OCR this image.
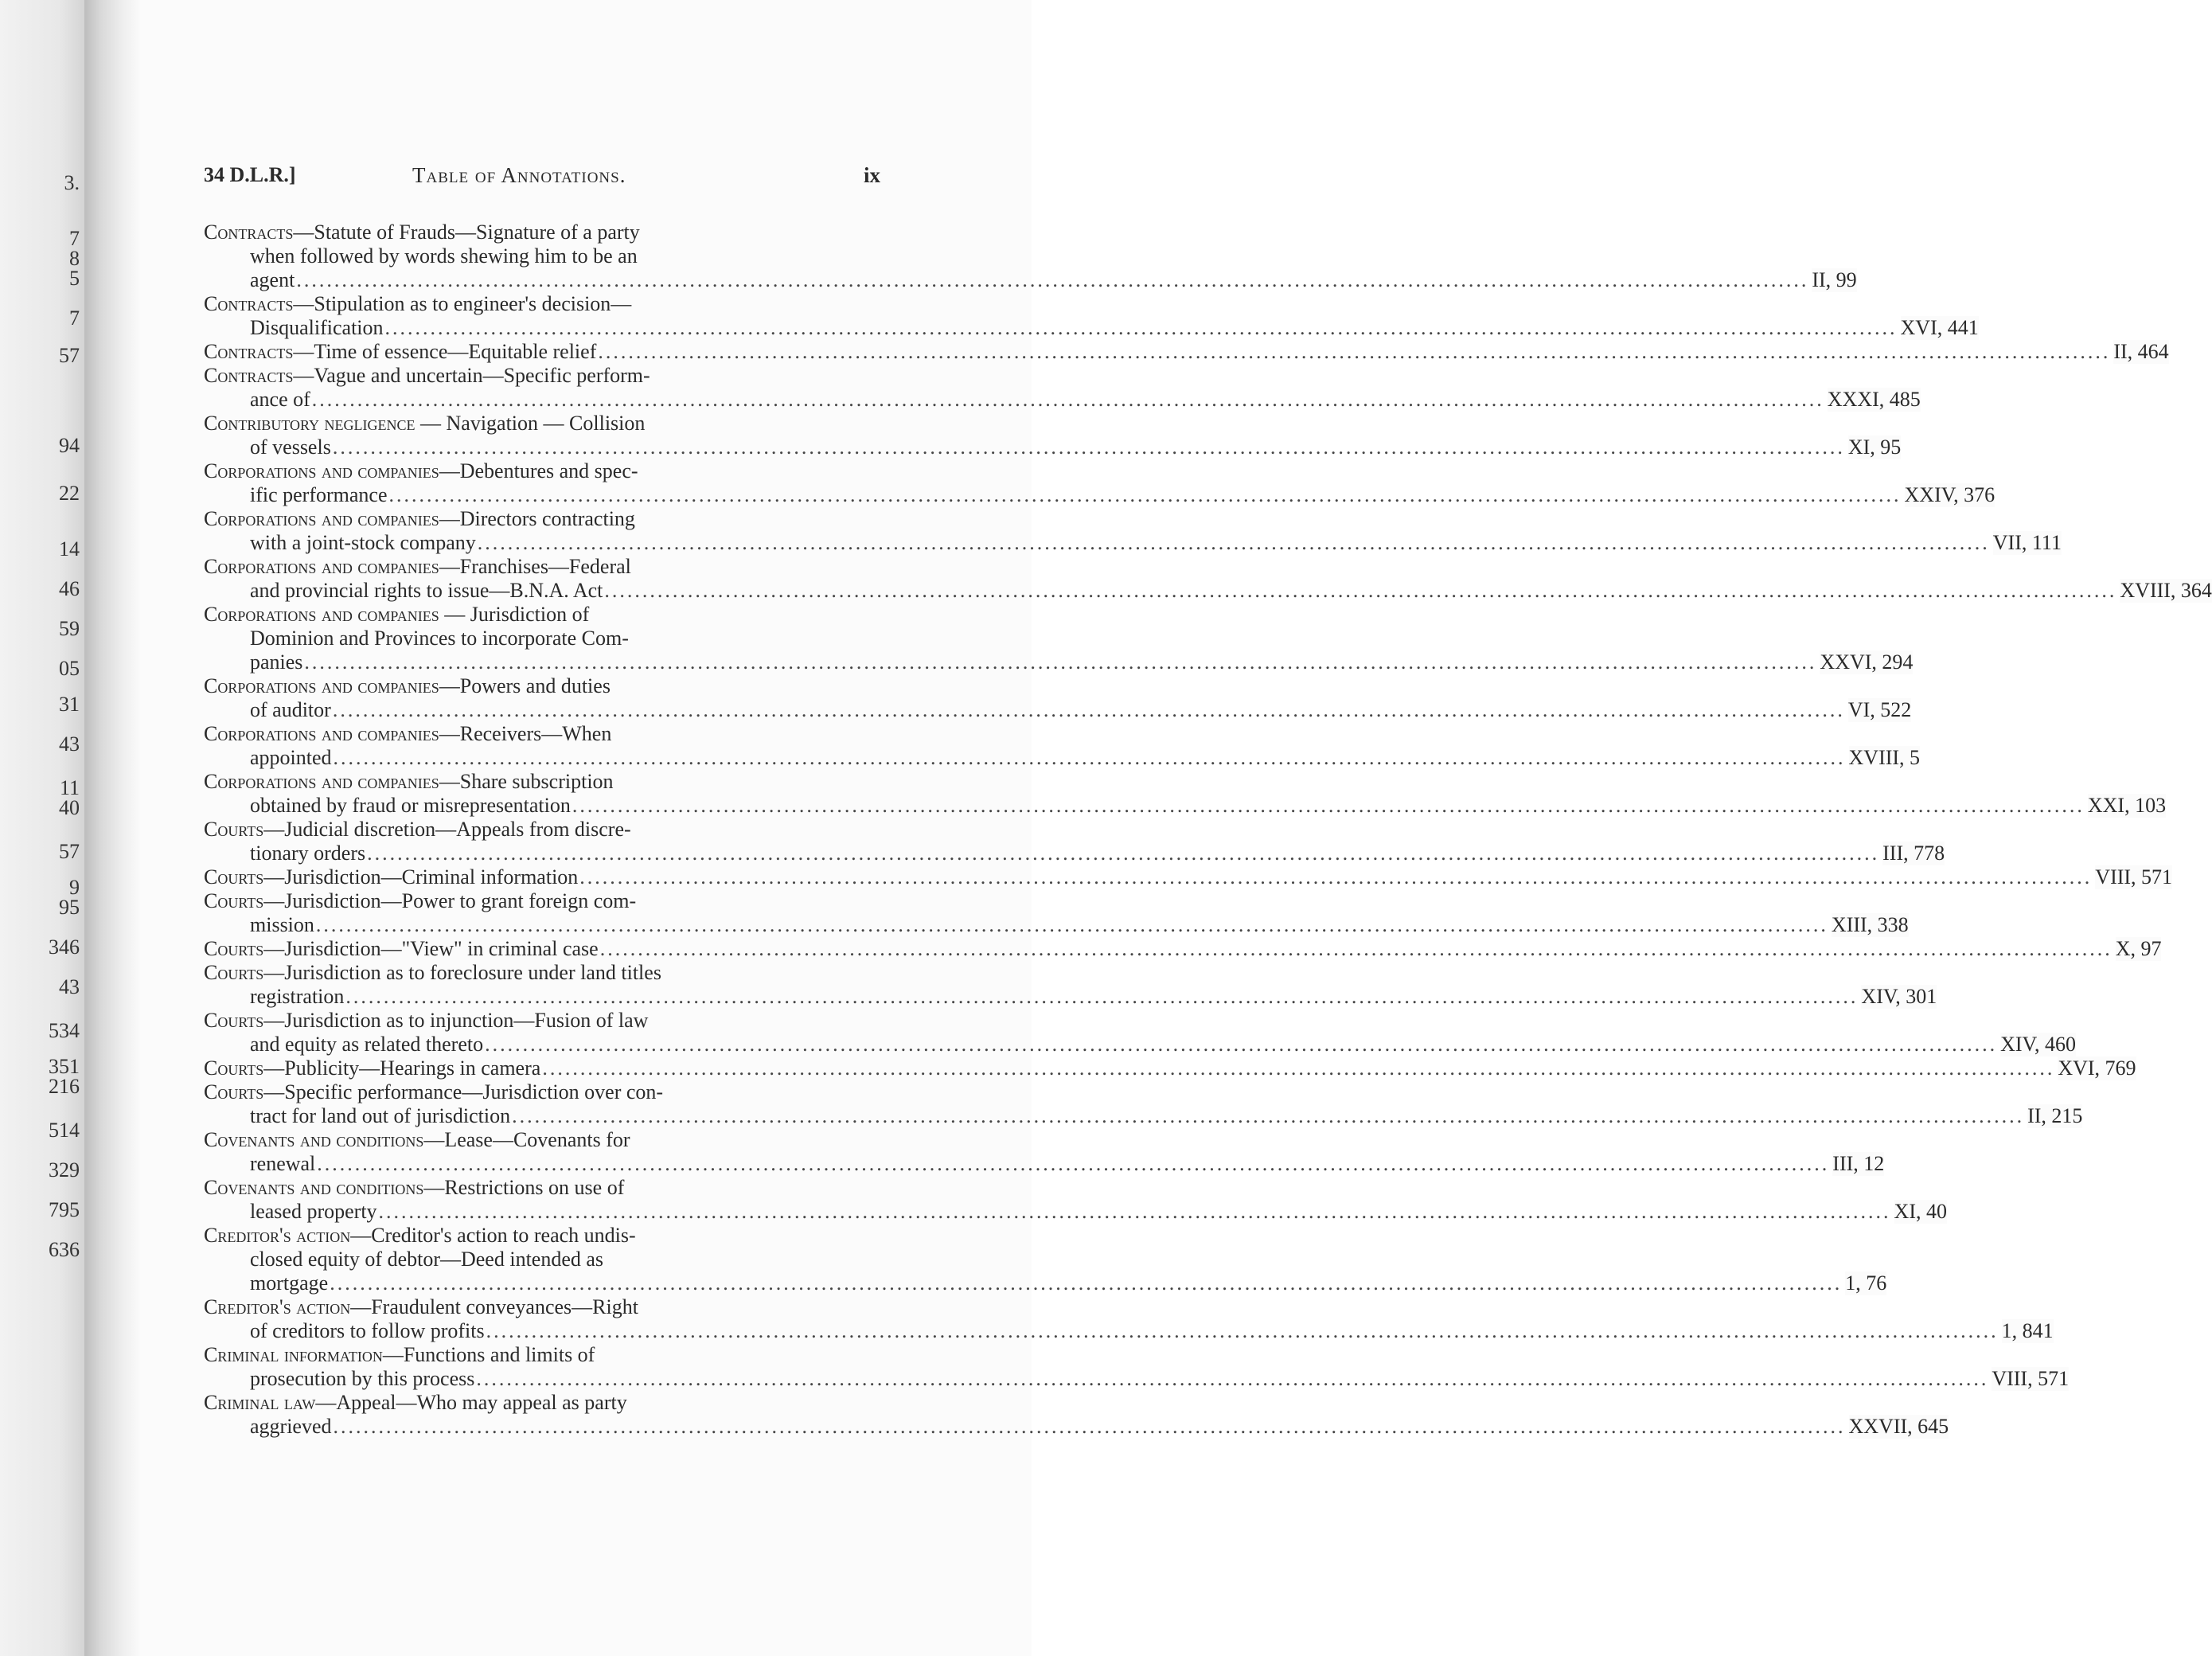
3.
7
8
5
7
57
94
22
14
46
59
05
31
43
11
40
57
9
95
346
43
534
351
216
514
329
795
636
34 D.L.R.]	Table of Annotations.	ix
Contracts—Statute of Frauds—Signature of a party
when followed by words shewing him to be an
agent ........................................................................................................................................................................................................ II, 99
Contracts—Stipulation as to engineer's decision—
Disqualification ........................................................................................................................................................................................................ XVI, 441
Contracts—Time of essence—Equitable relief ........................................................................................................................................................................................................ II, 464
Contracts—Vague and uncertain—Specific perform-
ance of ........................................................................................................................................................................................................ XXXI, 485
Contributory negligence — Navigation — Collision
of vessels ........................................................................................................................................................................................................ XI, 95
Corporations and companies—Debentures and spec-
ific performance ........................................................................................................................................................................................................ XXIV, 376
Corporations and companies—Directors contracting
with a joint-stock company ........................................................................................................................................................................................................ VII, 111
Corporations and companies—Franchises—Federal
and provincial rights to issue—B.N.A. Act ........................................................................................................................................................................................................ XVIII, 364
Corporations and companies — Jurisdiction of
Dominion and Provinces to incorporate Com-
panies ........................................................................................................................................................................................................ XXVI, 294
Corporations and companies—Powers and duties
of auditor ........................................................................................................................................................................................................ VI, 522
Corporations and companies—Receivers—When
appointed ........................................................................................................................................................................................................ XVIII, 5
Corporations and companies—Share subscription
obtained by fraud or misrepresentation ........................................................................................................................................................................................................ XXI, 103
Courts—Judicial discretion—Appeals from discre-
tionary orders ........................................................................................................................................................................................................ III, 778
Courts—Jurisdiction—Criminal information ........................................................................................................................................................................................................ VIII, 571
Courts—Jurisdiction—Power to grant foreign com-
mission ........................................................................................................................................................................................................ XIII, 338
Courts—Jurisdiction—"View" in criminal case ........................................................................................................................................................................................................ X, 97
Courts—Jurisdiction as to foreclosure under land titles
registration ........................................................................................................................................................................................................ XIV, 301
Courts—Jurisdiction as to injunction—Fusion of law
and equity as related thereto ........................................................................................................................................................................................................ XIV, 460
Courts—Publicity—Hearings in camera ........................................................................................................................................................................................................ XVI, 769
Courts—Specific performance—Jurisdiction over con-
tract for land out of jurisdiction ........................................................................................................................................................................................................ II, 215
Covenants and conditions—Lease—Covenants for
renewal ........................................................................................................................................................................................................ III, 12
Covenants and conditions—Restrictions on use of
leased property ........................................................................................................................................................................................................ XI, 40
Creditor's action—Creditor's action to reach undis-
closed equity of debtor—Deed intended as
mortgage ........................................................................................................................................................................................................ 1, 76
Creditor's action—Fraudulent conveyances—Right
of creditors to follow profits ........................................................................................................................................................................................................ 1, 841
Criminal information—Functions and limits of
prosecution by this process ........................................................................................................................................................................................................ VIII, 571
Criminal law—Appeal—Who may appeal as party
aggrieved ........................................................................................................................................................................................................ XXVII, 645
